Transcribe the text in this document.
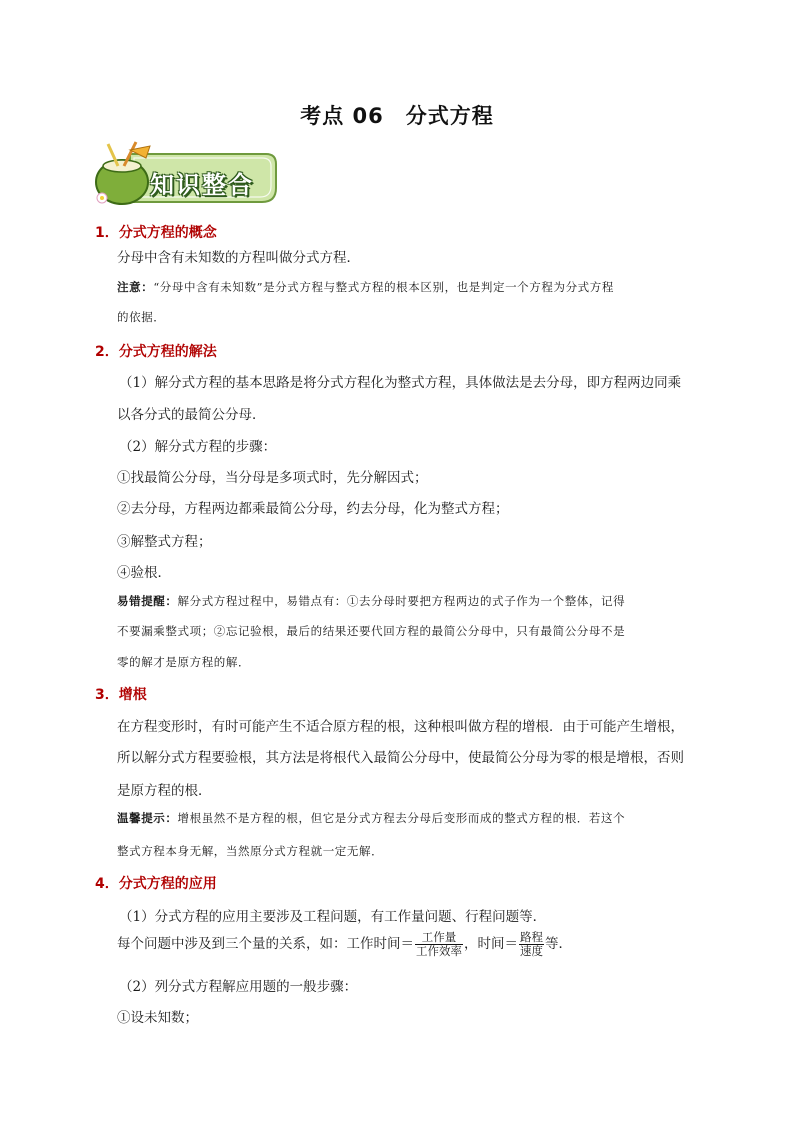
考点 06 分式方程
知识整合
1．分式方程的概念
分母中含有未知数的方程叫做分式方程．
注意：“分母中含有未知数”是分式方程与整式方程的根本区别，也是判定一个方程为分式方程
的依据．
2．分式方程的解法
（1）解分式方程的基本思路是将分式方程化为整式方程，具体做法是去分母，即方程两边同乘
以各分式的最简公分母．
（2）解分式方程的步骤：
①找最简公分母，当分母是多项式时，先分解因式；
②去分母，方程两边都乘最简公分母，约去分母，化为整式方程；
③解整式方程；
④验根．
易错提醒：解分式方程过程中，易错点有：①去分母时要把方程两边的式子作为一个整体，记得
不要漏乘整式项；②忘记验根，最后的结果还要代回方程的最简公分母中，只有最简公分母不是
零的解才是原方程的解．
3．增根
在方程变形时，有时可能产生不适合原方程的根，这种根叫做方程的增根．由于可能产生增根，
所以解分式方程要验根，其方法是将根代入最简公分母中，使最简公分母为零的根是增根，否则
是原方程的根．
温馨提示：增根虽然不是方程的根，但它是分式方程去分母后变形而成的整式方程的根．若这个
整式方程本身无解，当然原分式方程就一定无解．
4．分式方程的应用
（1）分式方程的应用主要涉及工程问题，有工作量问题、行程问题等．
每个问题中涉及到三个量的关系，如：工作时间＝ $\frac{\text{工作量}}{\text{工作效率}}$ ，时间＝ $\frac{\text{路程}}{\text{速度}}$ 等．
（2）列分式方程解应用题的一般步骤：
①设未知数；
